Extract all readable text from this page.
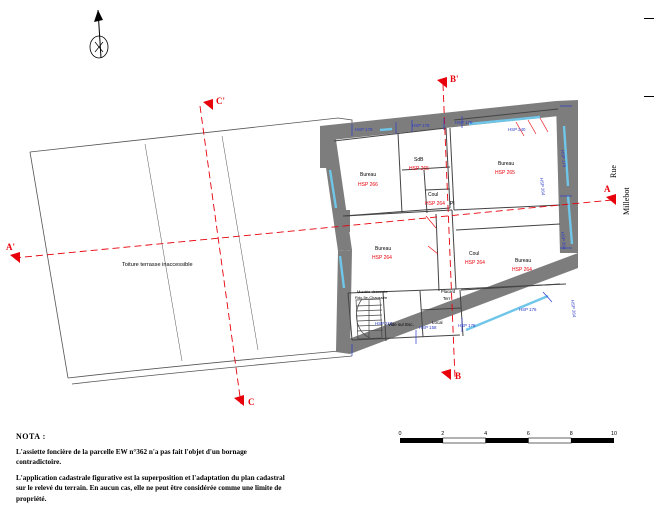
HSP 178
HSP 178
HSP 178
HSP 240
HSP 179
HSP 264
HSP 264
HSP 264
HSP 210
HSP 158	HSP 178
HSP 176
Bureau
HSP 266
SdB
HSP 265
Coul
HSP 264 Pl
Bureau
HSP 265
Bureau
HSP 264
Coul
HSP 264	Bureau
HSP 264
Placard
Terr
Montée descente
Rdc-5e-Chaussée
Vide sur Esc.	Local
Toiture terrasse inaccessible
Rue
Millebot
C'
B'
A'
A
B
C
0	2	4	6	8	10
NOTA :
L'assiette foncière de la parcelle EW n°362 n'a pas fait l'objet d'un bornage contradictoire.
L'application cadastrale figurative est la superposition et l'adaptation du plan cadastral sur le relevé du terrain. En aucun cas, elle ne peut être considérée comme une limite de propriété.
